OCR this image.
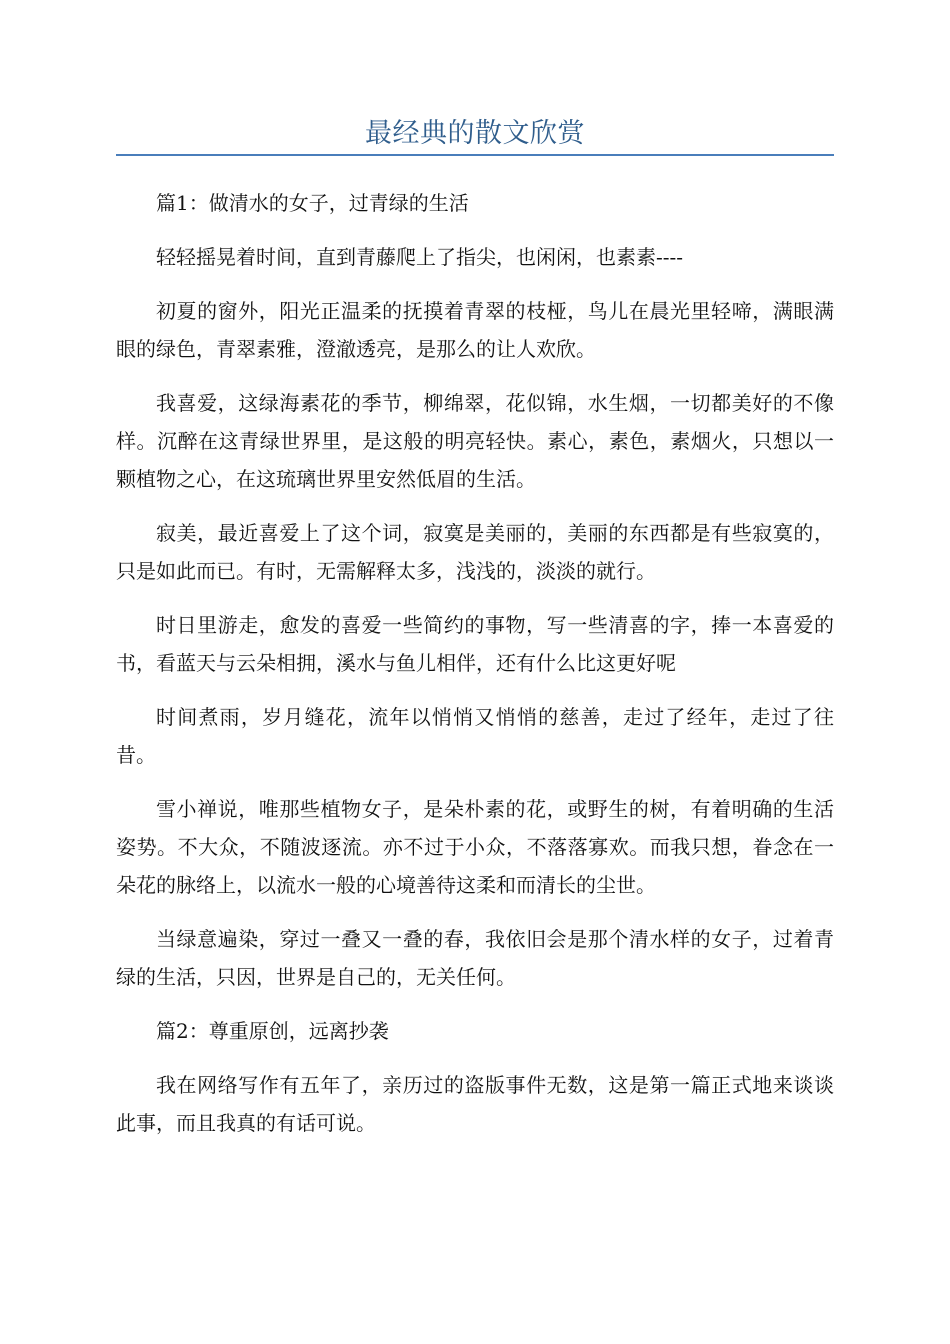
最经典的散文欣赏

篇1：做清水的女子，过青绿的生活

轻轻摇晃着时间，直到青藤爬上了指尖，也闲闲，也素素----

初夏的窗外，阳光正温柔的抚摸着青翠的枝桠，鸟儿在晨光里轻啼，满眼满眼的绿色，青翠素雅，澄澈透亮，是那么的让人欢欣。

我喜爱，这绿海素花的季节，柳绵翠，花似锦，水生烟，一切都美好的不像样。沉醉在这青绿世界里，是这般的明亮轻快。素心，素色，素烟火，只想以一颗植物之心，在这琉璃世界里安然低眉的生活。

寂美，最近喜爱上了这个词，寂寞是美丽的，美丽的东西都是有些寂寞的，只是如此而已。有时，无需解释太多，浅浅的，淡淡的就行。

时日里游走，愈发的喜爱一些简约的事物，写一些清喜的字，捧一本喜爱的书，看蓝天与云朵相拥，溪水与鱼儿相伴，还有什么比这更好呢

时间煮雨，岁月缝花，流年以悄悄又悄悄的慈善，走过了经年，走过了往昔。

雪小禅说，唯那些植物女子，是朵朴素的花，或野生的树，有着明确的生活姿势。不大众，不随波逐流。亦不过于小众，不落落寡欢。而我只想，眷念在一朵花的脉络上，以流水一般的心境善待这柔和而清长的尘世。

当绿意遍染，穿过一叠又一叠的春，我依旧会是那个清水样的女子，过着青绿的生活，只因，世界是自己的，无关任何。

篇2：尊重原创，远离抄袭

我在网络写作有五年了，亲历过的盗版事件无数，这是第一篇正式地来谈谈此事，而且我真的有话可说。
